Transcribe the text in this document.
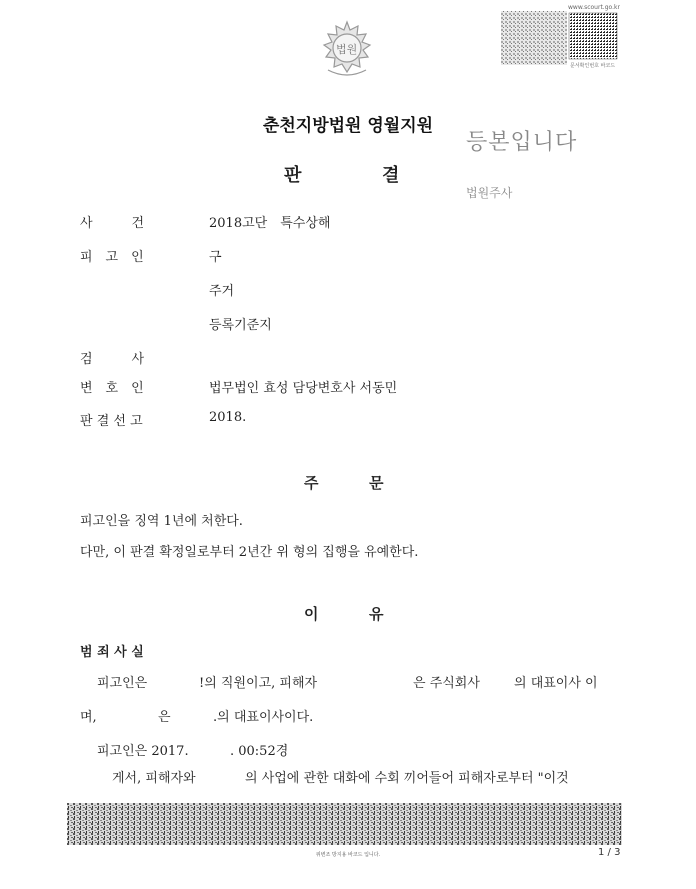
법원
www.scourt.go.kr
문서확인번호 바코드
춘천지방법원 영월지원
등본입니다
법원주사
판	결
사　　　건	2018고단　특수상해
피　고　인	구
주거
등록기준지
검　　　사
변　호　인	법무법인 효성 담당변호사 서동민
판 결 선 고	2018.
주	문
피고인을 징역 1년에 처한다.
다만, 이 판결 확정일로부터 2년간 위 형의 집행을 유예한다.
이	유
범 죄 사 실
피고인은	!의 직원이고, 피해자	은 주식회사	의 대표이사 이
며,	은	.의 대표이사이다.
피고인은 2017.	. 00:52경
게서, 피해자와	의 사업에 관한 대화에 수회 끼어들어 피해자로부터 "이것
위변조 방지용 바코드 입니다.	1 / 3
